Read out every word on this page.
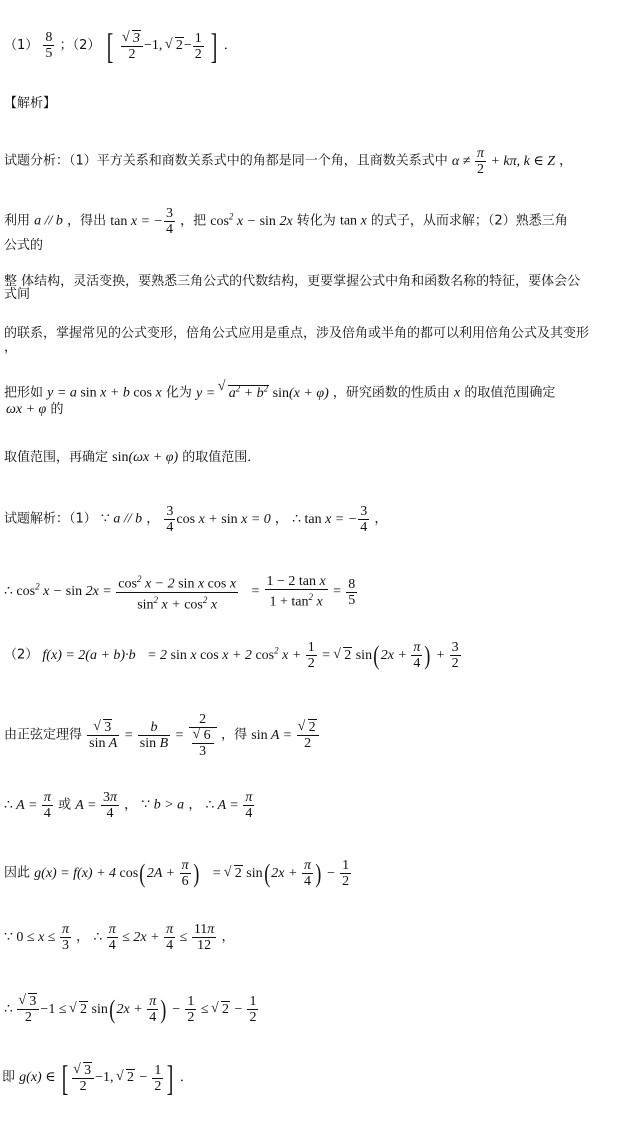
$(1) \frac{8}{5}$ ；（2） [ √ $\frac{3}{2} -1$, √ $2- \frac{1}{2}$ ] ．
【解析】
试题分析：（1）平方关系和商数关系式中的角都是同一个角，且商数关系式中 $\alpha \ne \frac{\pi}{2} + k\pi$, k ∈ Z ，
利用 a // b ，得出 tan x = − $\frac{3}{4}$ ，把 $\cos^2 x - \sin 2x$ 转化为 tan x 的式子，从而求解；（2）熟悉三角
公式的
整 体结构，灵活变换，要熟悉三角公式的代数结构，更要掌握公式中角和函数名称的特征，要体会公
式间
的联系，掌握常见的公式变形，倍角公式应用是重点，涉及倍角或半角的都可以利用倍角公式及其变形
，
把形如 y = a sin x + b cos x 化为 y = √ $a^2 + b^2$ sin(x + φ) ，研究函数的性质由 x 的取值范围确定
ωx + φ 的
取值范围，再确定 sin(ωx + φ) 的取值范围．
试题解析：（1） ∵ a // b ， $\frac{3}{4}$ cos x + sin x = 0 ， ∴ tan x = − $\frac{3}{4}$ ，
∴ $\cos^2 x - \sin 2x = \frac{\cos^2 x - 2 \sin x \cos x}{\sin^2 x + \cos^2 x} = \frac{\text{1 − 2 tan x}}{1 + \tan^2 x} = \frac{8}{5}$
（2） f(x) = 2(a + b)·b = 2 sin x cos x + 2 $\cos^2 x + \frac{1}{2}$ = √ 2 $\sin(2x + \frac{\pi}{4}$ ) + $\frac{3}{2}$
由正弦定理得 √ $\frac{3}{\text{sin A}} = \frac{b}{\text{sin B}} = 2$
√ $\frac{6}{3}$ ，得 sin A = √ $\frac{2}{2}$
∴ $A = \frac{\pi}{4}$ 或 $A = \frac{3\pi}{4}$ ， ∵ b > a ， ∴ $A = \frac{\pi}{4}$
因此 g(x) = f(x) + 4 $\cos(2A + \frac{\pi}{6}$ ) = √ 2 $\sin(2x + \frac{\pi}{4}$ ) − $\frac{1}{2}$
∵ $0 \le x \le \frac{\pi}{3}$ ， ∴ $\frac{\pi}{4} \le 2x + \frac{\pi}{4} \le \frac{11\pi}{12}$ ，
∴ √ $\frac{3}{2} -1$ ≤ √ 2 $\sin(2x + \frac{\pi}{4}$ ) − $\frac{1}{2}$ ≤ √ $2 - \frac{1}{2}$
即 g(x) ∈ [ √ $\frac{3}{2} -1$, √ $2 - \frac{1}{2}$ ] ．
